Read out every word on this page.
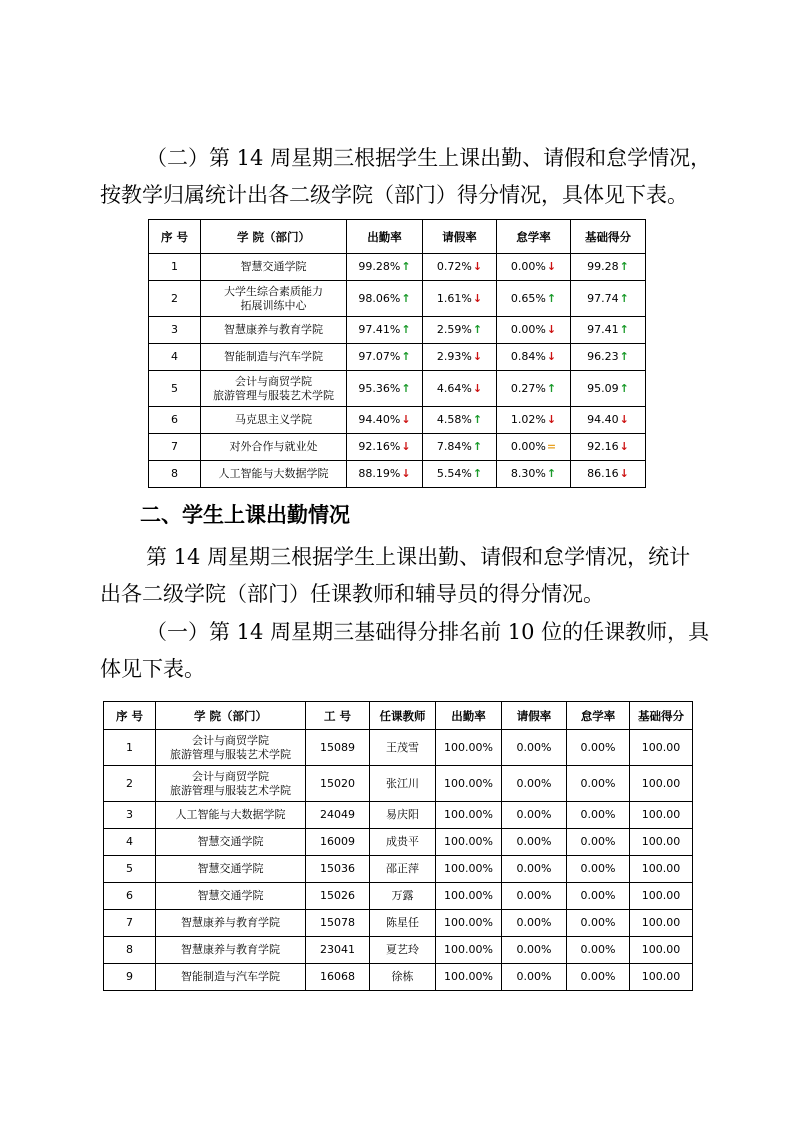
（二）第 14 周星期三根据学生上课出勤、请假和怠学情况，
按教学归属统计出各二级学院（部门）得分情况，具体见下表。
序 号	学 院（部门）	出勤率	请假率	怠学率	基础得分
1	智慧交通学院	99.28%↑	0.72%↓	0.00%↓	99.28↑
2	大学生综合素质能力
拓展训练中心	98.06%↑	1.61%↓	0.65%↑	97.74↑
3	智慧康养与教育学院	97.41%↑	2.59%↑	0.00%↓	97.41↑
4	智能制造与汽车学院	97.07%↑	2.93%↓	0.84%↓	96.23↑
5	会计与商贸学院
旅游管理与服装艺术学院	95.36%↑	4.64%↓	0.27%↑	95.09↑
6	马克思主义学院	94.40%↓	4.58%↑	1.02%↓	94.40↓
7	对外合作与就业处	92.16%↓	7.84%↑	0.00%=	92.16↓
8	人工智能与大数据学院	88.19%↓	5.54%↑	8.30%↑	86.16↓
二、学生上课出勤情况
第 14 周星期三根据学生上课出勤、请假和怠学情况，统计
出各二级学院（部门）任课教师和辅导员的得分情况。
（一）第 14 周星期三基础得分排名前 10 位的任课教师，具
体见下表。
序 号	学 院（部门）	工 号	任课教师	出勤率	请假率	怠学率	基础得分
1	会计与商贸学院
旅游管理与服装艺术学院	15089	王茂雪	100.00%	0.00%	0.00%	100.00
2	会计与商贸学院
旅游管理与服装艺术学院	15020	张江川	100.00%	0.00%	0.00%	100.00
3	人工智能与大数据学院	24049	易庆阳	100.00%	0.00%	0.00%	100.00
4	智慧交通学院	16009	成贵平	100.00%	0.00%	0.00%	100.00
5	智慧交通学院	15036	邵正萍	100.00%	0.00%	0.00%	100.00
6	智慧交通学院	15026	万露	100.00%	0.00%	0.00%	100.00
7	智慧康养与教育学院	15078	陈星任	100.00%	0.00%	0.00%	100.00
8	智慧康养与教育学院	23041	夏艺玲	100.00%	0.00%	0.00%	100.00
9	智能制造与汽车学院	16068	徐栋	100.00%	0.00%	0.00%	100.00
